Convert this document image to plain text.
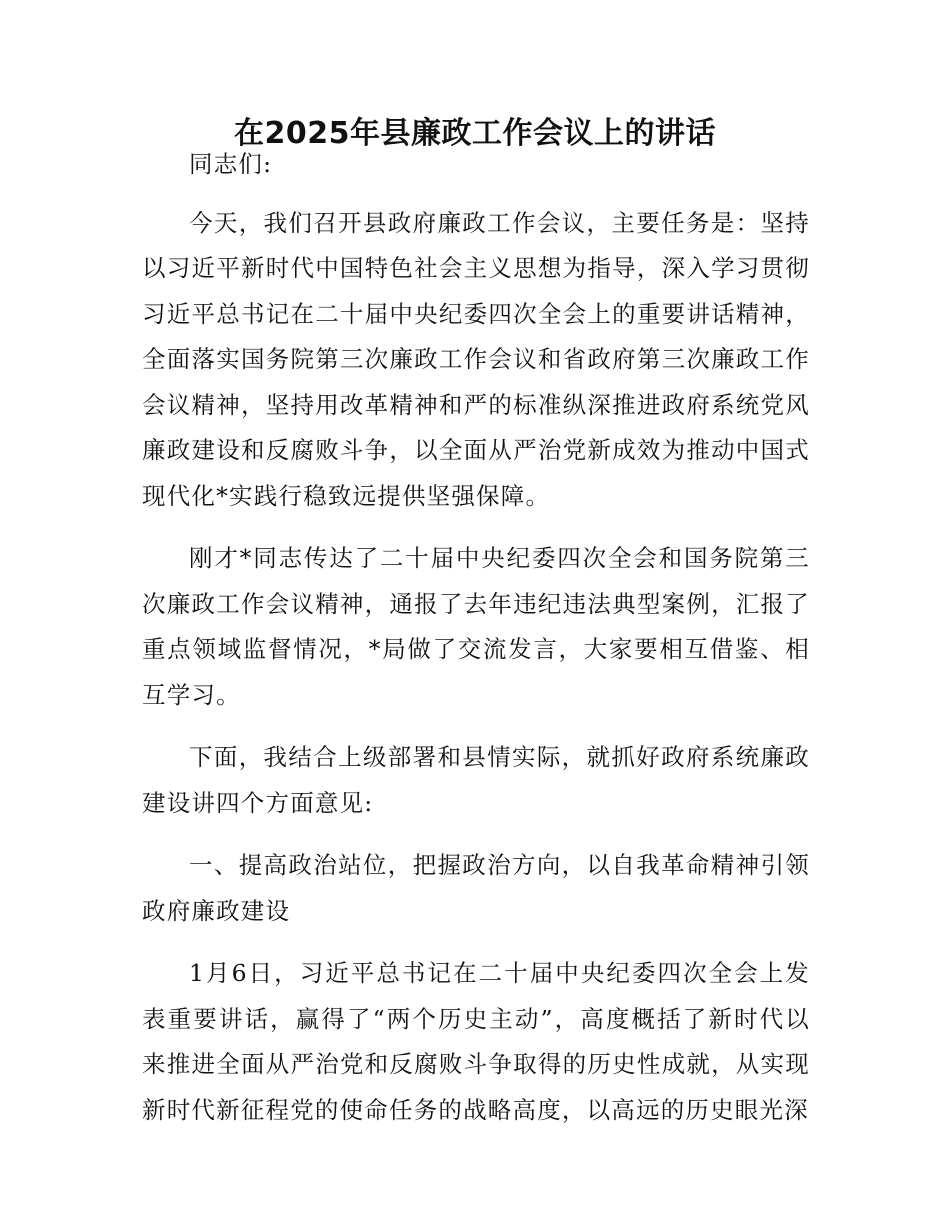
在2025年县廉政工作会议上的讲话

同志们:

今天，我们召开县政府廉政工作会议，主要任务是：坚持以习近平新时代中国特色社会主义思想为指导，深入学习贯彻习近平总书记在二十届中央纪委四次全会上的重要讲话精神，全面落实国务院第三次廉政工作会议和省政府第三次廉政工作会议精神，坚持用改革精神和严的标准纵深推进政府系统党风廉政建设和反腐败斗争，以全面从严治党新成效为推动中国式现代化*实践行稳致远提供坚强保障。

刚才*同志传达了二十届中央纪委四次全会和国务院第三次廉政工作会议精神，通报了去年违纪违法典型案例，汇报了重点领域监督情况，*局做了交流发言，大家要相互借鉴、相互学习。

下面，我结合上级部署和县情实际，就抓好政府系统廉政建设讲四个方面意见:

一、提高政治站位，把握政治方向，以自我革命精神引领政府廉政建设

1月6日，习近平总书记在二十届中央纪委四次全会上发表重要讲话，赢得了“两个历史主动”，高度概括了新时代以来推进全面从严治党和反腐败斗争取得的历史性成就，从实现新时代新征程党的使命任务的战略高度，以高远的历史眼光深
